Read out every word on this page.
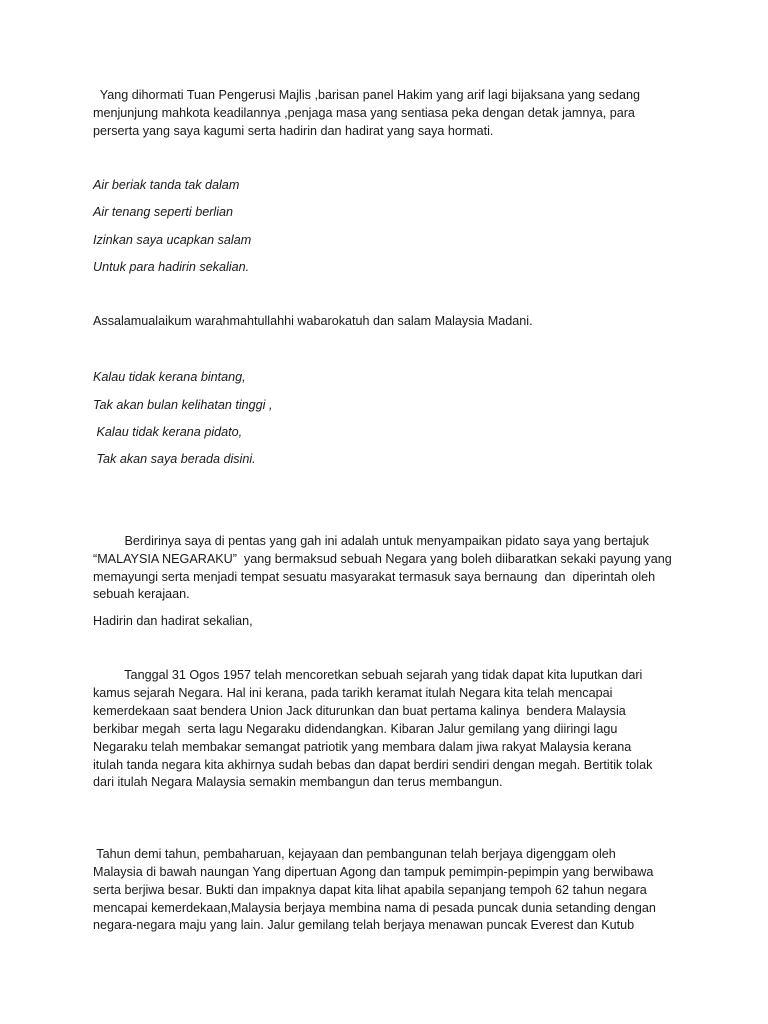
Yang dihormati Tuan Pengerusi Majlis ,barisan panel Hakim yang arif lagi bijaksana yang sedang

menjunjung mahkota keadilannya ,penjaga masa yang sentiasa peka dengan detak jamnya, para

perserta yang saya kagumi serta hadirin dan hadirat yang saya hormati.

Air beriak tanda tak dalam

Air tenang seperti berlian

Izinkan saya ucapkan salam

Untuk para hadirin sekalian.

Assalamualaikum warahmahtullahhi wabarokatuh dan salam Malaysia Madani.

Kalau tidak kerana bintang,

Tak akan bulan kelihatan tinggi ,

Kalau tidak kerana pidato,

Tak akan saya berada disini.

Berdirinya saya di pentas yang gah ini adalah untuk menyampaikan pidato saya yang bertajuk

“MALAYSIA NEGARAKU”  yang bermaksud sebuah Negara yang boleh diibaratkan sekaki payung yang

memayungi serta menjadi tempat sesuatu masyarakat termasuk saya bernaung  dan  diperintah oleh

sebuah kerajaan.

Hadirin dan hadirat sekalian,

Tanggal 31 Ogos 1957 telah mencoretkan sebuah sejarah yang tidak dapat kita luputkan dari

kamus sejarah Negara. Hal ini kerana, pada tarikh keramat itulah Negara kita telah mencapai

kemerdekaan saat bendera Union Jack diturunkan dan buat pertama kalinya  bendera Malaysia

berkibar megah  serta lagu Negaraku didendangkan. Kibaran Jalur gemilang yang diiringi lagu

Negaraku telah membakar semangat patriotik yang membara dalam jiwa rakyat Malaysia kerana

itulah tanda negara kita akhirnya sudah bebas dan dapat berdiri sendiri dengan megah. Bertitik tolak

dari itulah Negara Malaysia semakin membangun dan terus membangun.

Tahun demi tahun, pembaharuan, kejayaan dan pembangunan telah berjaya digenggam oleh

Malaysia di bawah naungan Yang dipertuan Agong dan tampuk pemimpin-pepimpin yang berwibawa

serta berjiwa besar. Bukti dan impaknya dapat kita lihat apabila sepanjang tempoh 62 tahun negara

mencapai kemerdekaan,Malaysia berjaya membina nama di pesada puncak dunia setanding dengan

negara-negara maju yang lain. Jalur gemilang telah berjaya menawan puncak Everest dan Kutub
